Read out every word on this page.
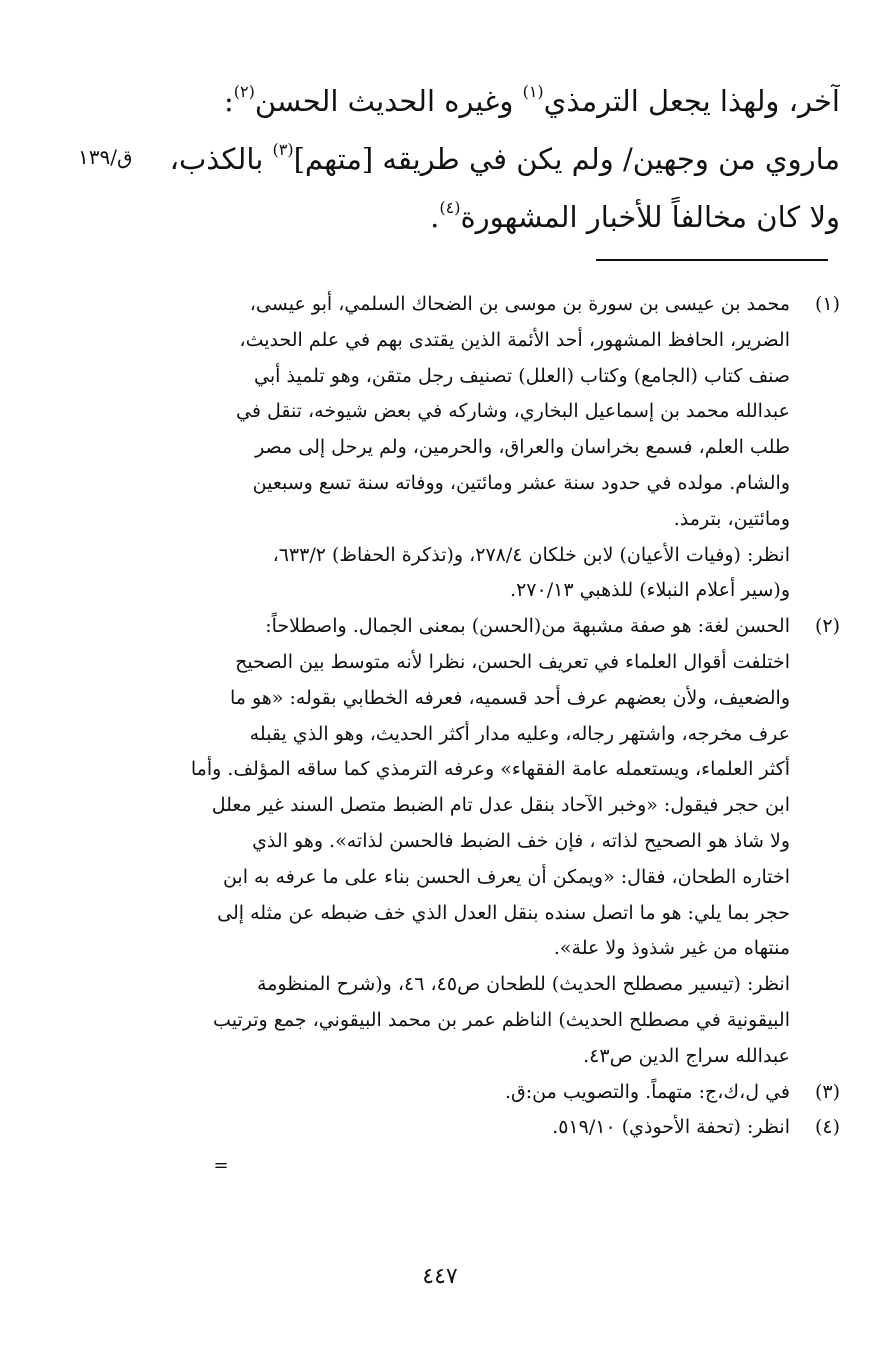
آخر، ولهذا يجعل الترمذي$^{(١)}$ وغيره الحديث الحسن$^{(٢)}$:
ماروي من وجهين/ ولم يكن في طريقه [متهم]$^{(٣)}$ بالكذب،
ولا كان مخالفاً للأخبار المشهورة$^{(٤)}$.
ق/١٣٩
(١)
محمد بن عيسى بن سورة بن موسى بن الضحاك السلمي، أبو عيسى،
الضرير، الحافظ المشهور، أحد الأئمة الذين يقتدى بهم في علم الحديث،
صنف كتاب (الجامع) وكتاب (العلل) تصنيف رجل متقن، وهو تلميذ أبي
عبدالله محمد بن إسماعيل البخاري، وشاركه في بعض شيوخه، تنقل في
طلب العلم، فسمع بخراسان والعراق، والحرمين، ولم يرحل إلى مصر
والشام. مولده في حدود سنة عشر ومائتين، ووفاته سنة تسع وسبعين
ومائتين، بترمذ.
انظر: (وفيات الأعيان) لابن خلكان ٢٧٨/٤، و(تذكرة الحفاظ) ٦٣٣/٢،
و(سير أعلام النبلاء) للذهبي ٢٧٠/١٣.
(٢)
الحسن لغة: هو صفة مشبهة من(الحسن) بمعنى الجمال. واصطلاحاً:
اختلفت أقوال العلماء في تعريف الحسن، نظرا لأنه متوسط بين الصحيح
والضعيف، ولأن بعضهم عرف أحد قسميه، فعرفه الخطابي بقوله: «هو ما
عرف مخرجه، واشتهر رجاله، وعليه مدار أكثر الحديث، وهو الذي يقبله
أكثر العلماء، ويستعمله عامة الفقهاء» وعرفه الترمذي كما ساقه المؤلف. وأما
ابن حجر فيقول: «وخبر الآحاد بنقل عدل تام الضبط متصل السند غير معلل
ولا شاذ هو الصحيح لذاته ، فإن خف الضبط فالحسن لذاته». وهو الذي
اختاره الطحان، فقال: «ويمكن أن يعرف الحسن بناء على ما عرفه به ابن
حجر بما يلي: هو ما اتصل سنده بنقل العدل الذي خف ضبطه عن مثله إلى
منتهاه من غير شذوذ ولا علة».
انظر: (تيسير مصطلح الحديث) للطحان ص٤٥، ٤٦، و(شرح المنظومة
البيقونية في مصطلح الحديث) الناظم عمر بن محمد البيقوني، جمع وترتيب
عبدالله سراج الدين ص٤٣.
(٣)
في ل،ك،ج: متهماً. والتصويب من:ق.
(٤)
انظر: (تحفة الأحوذي) ٥١٩/١٠.
=
٤٤٧
